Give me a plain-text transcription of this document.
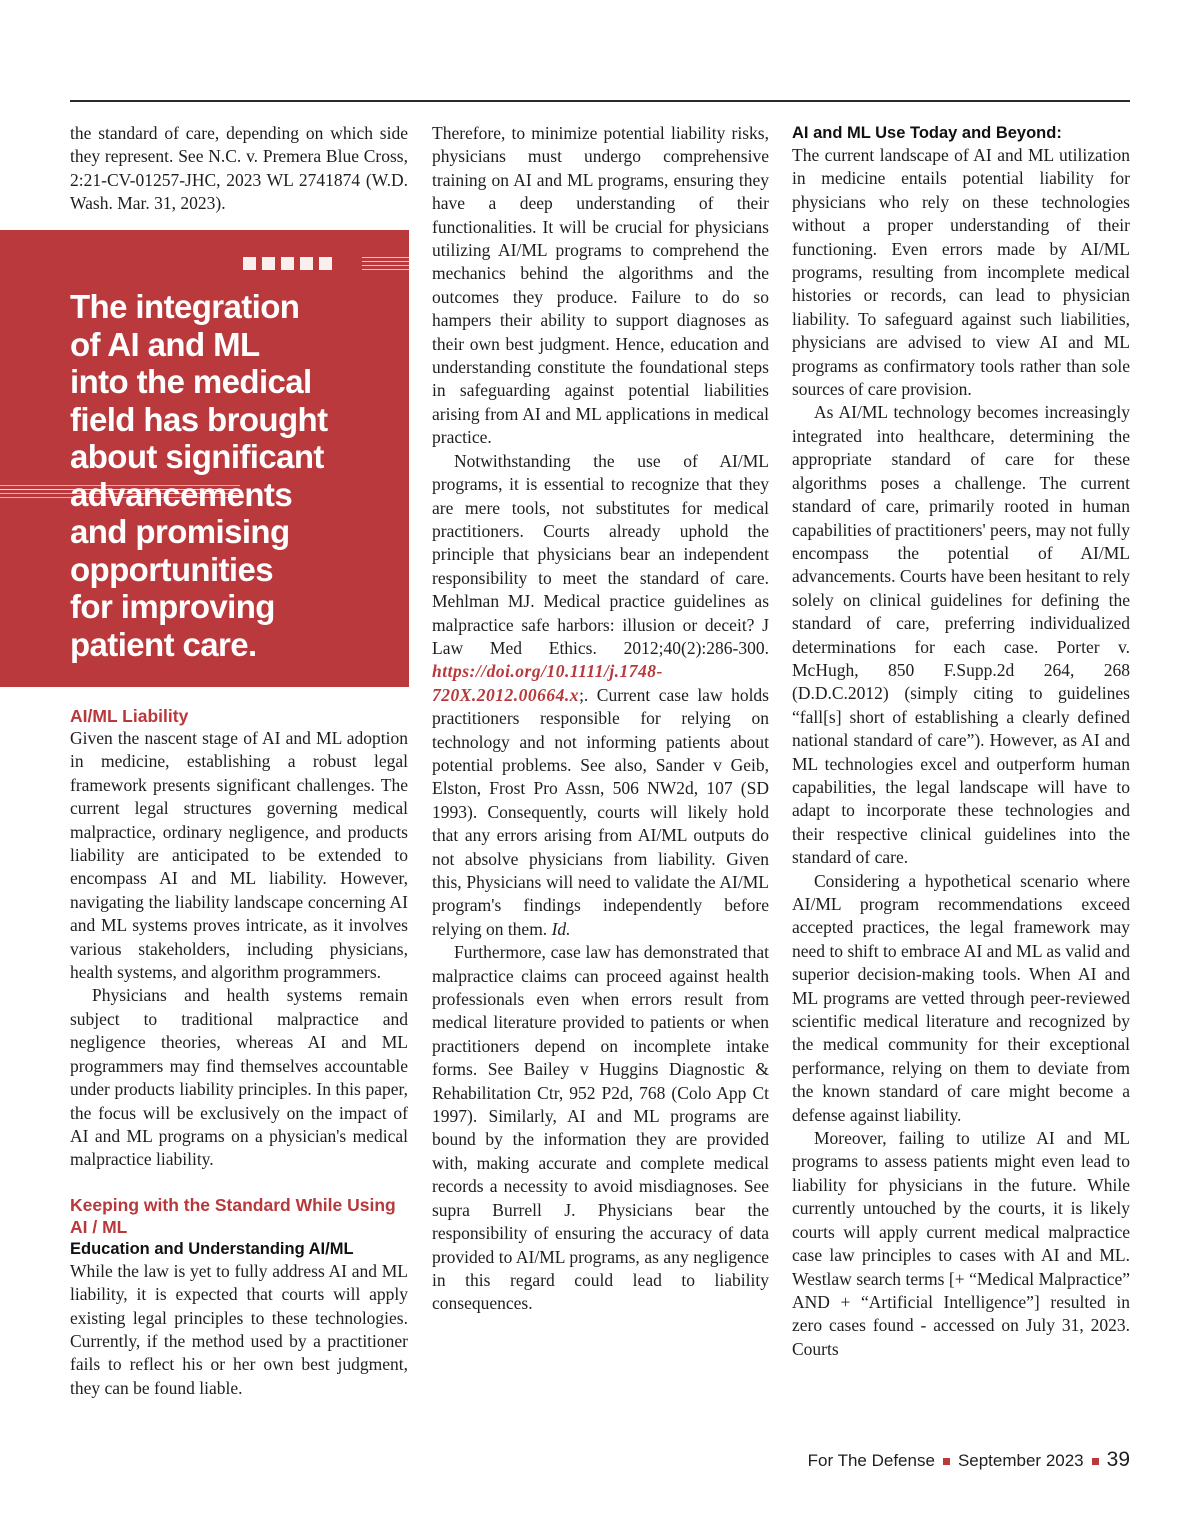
the standard of care, depending on which side they represent. See N.C. v. Premera Blue Cross, 2:21-CV-01257-JHC, 2023 WL 2741874 (W.D. Wash. Mar. 31, 2023).

The integration
of AI and ML
into the medical
field has brought
about significant
advancements
and promising
opportunities
for improving
patient care.

AI/ML Liability

Given the nascent stage of AI and ML adoption in medicine, establishing a robust legal framework presents significant challenges. The current legal structures governing medical malpractice, ordinary negligence, and products liability are anticipated to be extended to encompass AI and ML liability. However, navigating the liability landscape concerning AI and ML systems proves intricate, as it involves various stakeholders, including physicians, health systems, and algorithm programmers.

Physicians and health systems remain subject to traditional malpractice and negligence theories, whereas AI and ML programmers may find themselves accountable under products liability principles. In this paper, the focus will be exclusively on the impact of AI and ML programs on a physician's medical malpractice liability.

Keeping with the Standard While Using AI / ML

Education and Understanding AI/ML

While the law is yet to fully address AI and ML liability, it is expected that courts will apply existing legal principles to these technologies. Currently, if the method used by a practitioner fails to reflect his or her own best judgment, they can be found liable.

Therefore, to minimize potential liability risks, physicians must undergo comprehensive training on AI and ML programs, ensuring they have a deep understanding of their functionalities. It will be crucial for physicians utilizing AI/ML programs to comprehend the mechanics behind the algorithms and the outcomes they produce. Failure to do so hampers their ability to support diagnoses as their own best judgment. Hence, education and understanding constitute the foundational steps in safeguarding against potential liabilities arising from AI and ML applications in medical practice.

Notwithstanding the use of AI/ML programs, it is essential to recognize that they are mere tools, not substitutes for medical practitioners. Courts already uphold the principle that physicians bear an independent responsibility to meet the standard of care. Mehlman MJ. Medical practice guidelines as malpractice safe harbors: illusion or deceit? J Law Med Ethics. 2012;40(2):286-300. https://doi.org/10.1111/j.1748-720X.2012.00664.x;. Current case law holds practitioners responsible for relying on technology and not informing patients about potential problems. See also, Sander v Geib, Elston, Frost Pro Assn, 506 NW2d, 107 (SD 1993). Consequently, courts will likely hold that any errors arising from AI/ML outputs do not absolve physicians from liability. Given this, Physicians will need to validate the AI/ML program's findings independently before relying on them. Id.

Furthermore, case law has demonstrated that malpractice claims can proceed against health professionals even when errors result from medical literature provided to patients or when practitioners depend on incomplete intake forms. See Bailey v Huggins Diagnostic & Rehabilitation Ctr, 952 P2d, 768 (Colo App Ct 1997). Similarly, AI and ML programs are bound by the information they are provided with, making accurate and complete medical records a necessity to avoid misdiagnoses. See supra Burrell J. Physicians bear the responsibility of ensuring the accuracy of data provided to AI/ML programs, as any negligence in this regard could lead to liability consequences.

AI and ML Use Today and Beyond:

The current landscape of AI and ML utilization in medicine entails potential liability for physicians who rely on these technologies without a proper understanding of their functioning. Even errors made by AI/ML programs, resulting from incomplete medical histories or records, can lead to physician liability. To safeguard against such liabilities, physicians are advised to view AI and ML programs as confirmatory tools rather than sole sources of care provision.

As AI/ML technology becomes increasingly integrated into healthcare, determining the appropriate standard of care for these algorithms poses a challenge. The current standard of care, primarily rooted in human capabilities of practitioners' peers, may not fully encompass the potential of AI/ML advancements. Courts have been hesitant to rely solely on clinical guidelines for defining the standard of care, preferring individualized determinations for each case. Porter v. McHugh, 850 F.Supp.2d 264, 268 (D.D.C.2012) (simply citing to guidelines “fall[s] short of establishing a clearly defined national standard of care”). However, as AI and ML technologies excel and outperform human capabilities, the legal landscape will have to adapt to incorporate these technologies and their respective clinical guidelines into the standard of care.

Considering a hypothetical scenario where AI/ML program recommendations exceed accepted practices, the legal framework may need to shift to embrace AI and ML as valid and superior decision-making tools. When AI and ML programs are vetted through peer-reviewed scientific medical literature and recognized by the medical community for their exceptional performance, relying on them to deviate from the known standard of care might become a defense against liability.

Moreover, failing to utilize AI and ML programs to assess patients might even lead to liability for physicians in the future. While currently untouched by the courts, it is likely courts will apply current medical malpractice case law principles to cases with AI and ML. Westlaw search terms [+ “Medical Malpractice” AND + “Artificial Intelligence”] resulted in zero cases found - accessed on July 31, 2023. Courts

For The Defense September 2023 39
